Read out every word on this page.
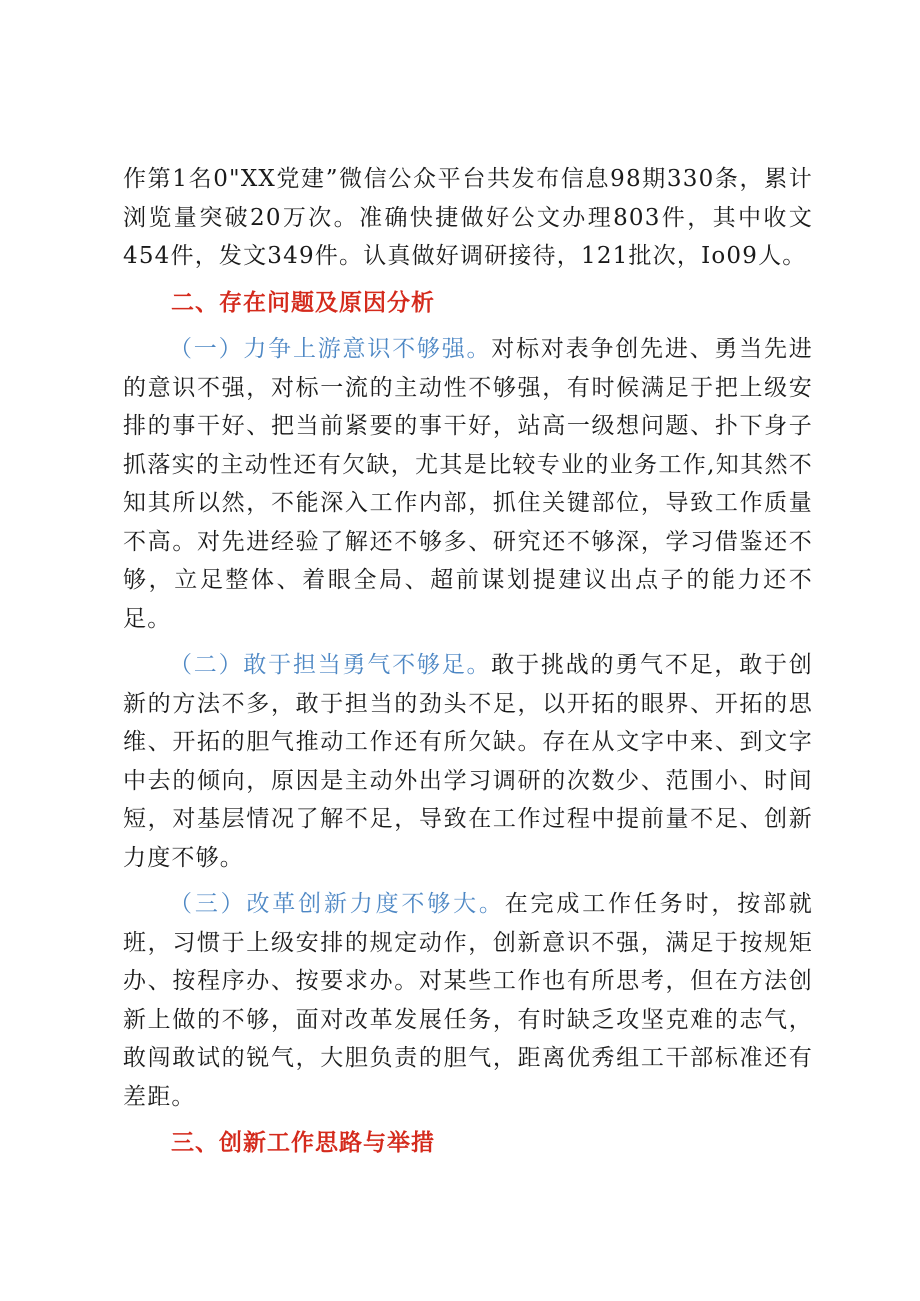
作第1名0"XX党建”微信公众平台共发布信息98期330条，累计浏览量突破20万次。准确快捷做好公文办理803件，其中收文454件，发文349件。认真做好调研接待，121批次，Io09人。

二、存在问题及原因分析

（一）力争上游意识不够强。对标对表争创先进、勇当先进的意识不强，对标一流的主动性不够强，有时候满足于把上级安排的事干好、把当前紧要的事干好，站高一级想问题、扑下身子抓落实的主动性还有欠缺，尤其是比较专业的业务工作,知其然不知其所以然，不能深入工作内部，抓住关键部位，导致工作质量不高。对先进经验了解还不够多、研究还不够深，学习借鉴还不够，立足整体、着眼全局、超前谋划提建议出点子的能力还不足。

（二）敢于担当勇气不够足。敢于挑战的勇气不足，敢于创新的方法不多，敢于担当的劲头不足，以开拓的眼界、开拓的思维、开拓的胆气推动工作还有所欠缺。存在从文字中来、到文字中去的倾向，原因是主动外出学习调研的次数少、范围小、时间短，对基层情况了解不足，导致在工作过程中提前量不足、创新力度不够。

（三）改革创新力度不够大。在完成工作任务时，按部就班，习惯于上级安排的规定动作，创新意识不强，满足于按规矩办、按程序办、按要求办。对某些工作也有所思考，但在方法创新上做的不够，面对改革发展任务，有时缺乏攻坚克难的志气，敢闯敢试的锐气，大胆负责的胆气，距离优秀组工干部标准还有差距。

三、创新工作思路与举措
